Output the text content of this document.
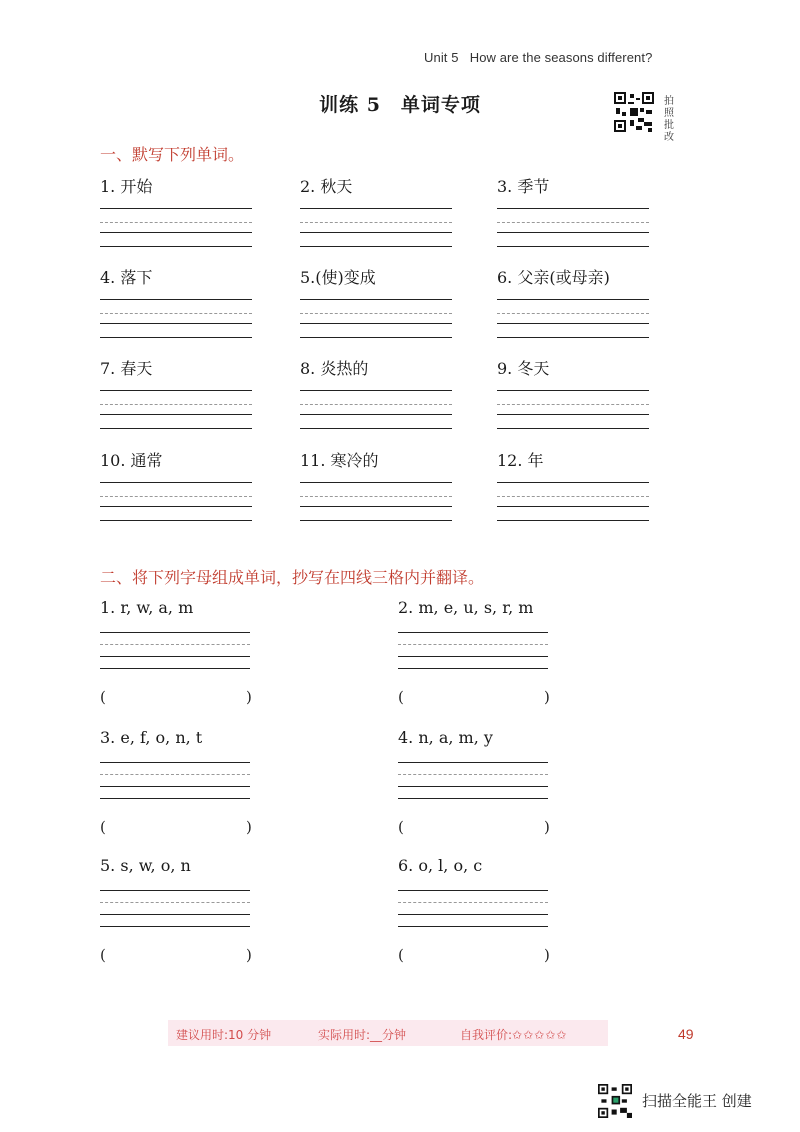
Unit 5 How are the seasons different?
训练 5　单词专项	拍
照
批
改
一、默写下列单词。
二、将下列字母组成单词，抄写在四线三格内并翻译。
建议用时:10 分钟	实际用时:__分钟	自我评价:✩✩✩✩✩	49
扫描全能王 创建
1. 开始	2. 秋天	3. 季节
4. 落下	5.(使)变成	6. 父亲(或母亲)
7. 春天	8. 炎热的	9. 冬天
10. 通常	11. 寒冷的	12. 年
1. r, w, a, m
(	)
2. m, e, u, s, r, m
(	)
3. e, f, o, n, t
(	)
4. n, a, m, y
(	)
5. s, w, o, n
(	)
6. o, l, o, c
(	)
